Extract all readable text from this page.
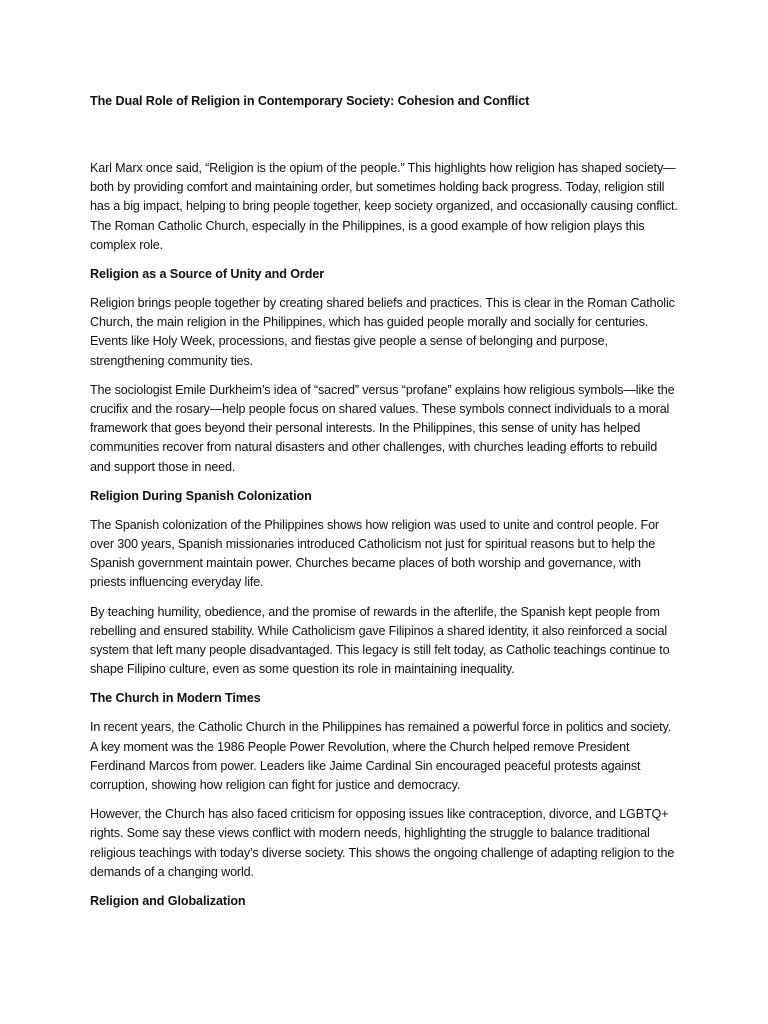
The Dual Role of Religion in Contemporary Society: Cohesion and Conflict

Karl Marx once said, “Religion is the opium of the people.” This highlights how religion has shaped society—both by providing comfort and maintaining order, but sometimes holding back progress. Today, religion still has a big impact, helping to bring people together, keep society organized, and occasionally causing conflict. The Roman Catholic Church, especially in the Philippines, is a good example of how religion plays this complex role.

Religion as a Source of Unity and Order

Religion brings people together by creating shared beliefs and practices. This is clear in the Roman Catholic Church, the main religion in the Philippines, which has guided people morally and socially for centuries. Events like Holy Week, processions, and fiestas give people a sense of belonging and purpose, strengthening community ties.

The sociologist Emile Durkheim’s idea of “sacred” versus “profane” explains how religious symbols—like the crucifix and the rosary—help people focus on shared values. These symbols connect individuals to a moral framework that goes beyond their personal interests. In the Philippines, this sense of unity has helped communities recover from natural disasters and other challenges, with churches leading efforts to rebuild and support those in need.

Religion During Spanish Colonization

The Spanish colonization of the Philippines shows how religion was used to unite and control people. For over 300 years, Spanish missionaries introduced Catholicism not just for spiritual reasons but to help the Spanish government maintain power. Churches became places of both worship and governance, with priests influencing everyday life.

By teaching humility, obedience, and the promise of rewards in the afterlife, the Spanish kept people from rebelling and ensured stability. While Catholicism gave Filipinos a shared identity, it also reinforced a social system that left many people disadvantaged. This legacy is still felt today, as Catholic teachings continue to shape Filipino culture, even as some question its role in maintaining inequality.

The Church in Modern Times

In recent years, the Catholic Church in the Philippines has remained a powerful force in politics and society. A key moment was the 1986 People Power Revolution, where the Church helped remove President Ferdinand Marcos from power. Leaders like Jaime Cardinal Sin encouraged peaceful protests against corruption, showing how religion can fight for justice and democracy.

However, the Church has also faced criticism for opposing issues like contraception, divorce, and LGBTQ+ rights. Some say these views conflict with modern needs, highlighting the struggle to balance traditional religious teachings with today’s diverse society. This shows the ongoing challenge of adapting religion to the demands of a changing world.

Religion and Globalization
